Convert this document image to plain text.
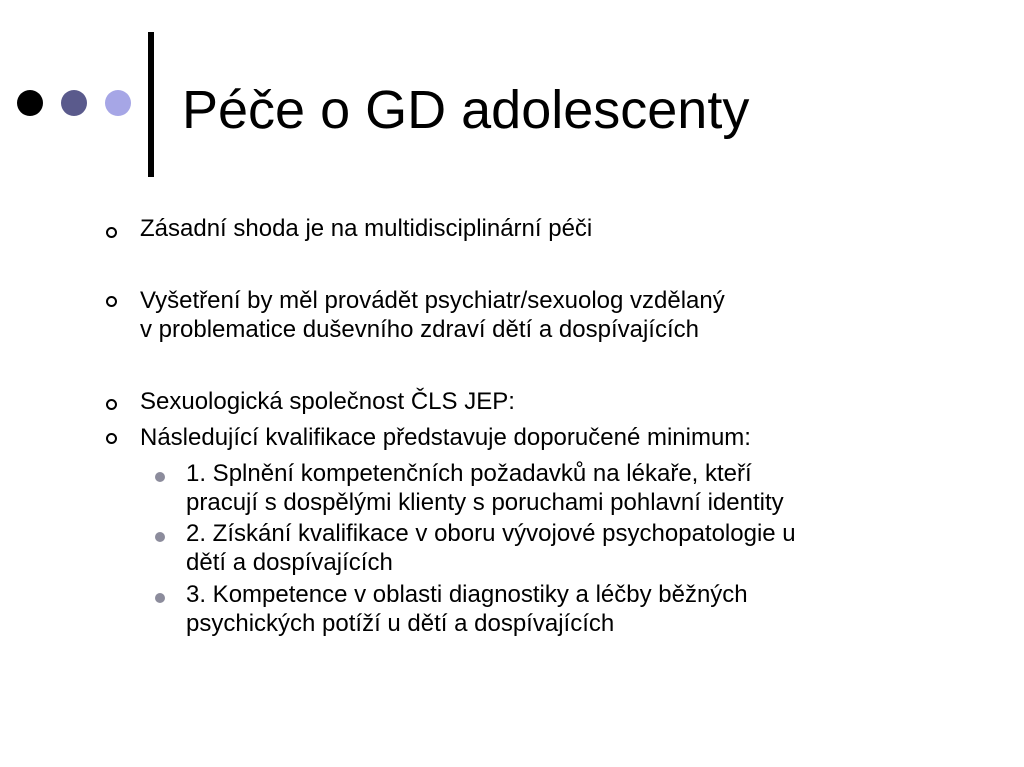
Péče o GD adolescenty
Zásadní shoda je na multidisciplinární péči
Vyšetření by měl provádět psychiatr/sexuolog vzdělaný
v problematice duševního zdraví dětí a dospívajících
Sexuologická společnost ČLS JEP:
Následující kvalifikace představuje doporučené minimum:
1. Splnění kompetenčních požadavků na lékaře, kteří
pracují s dospělými klienty s poruchami pohlavní identity
2. Získání kvalifikace v oboru vývojové psychopatologie u
dětí a dospívajících
3. Kompetence v oblasti diagnostiky a léčby běžných
psychických potíží u dětí a dospívajících
